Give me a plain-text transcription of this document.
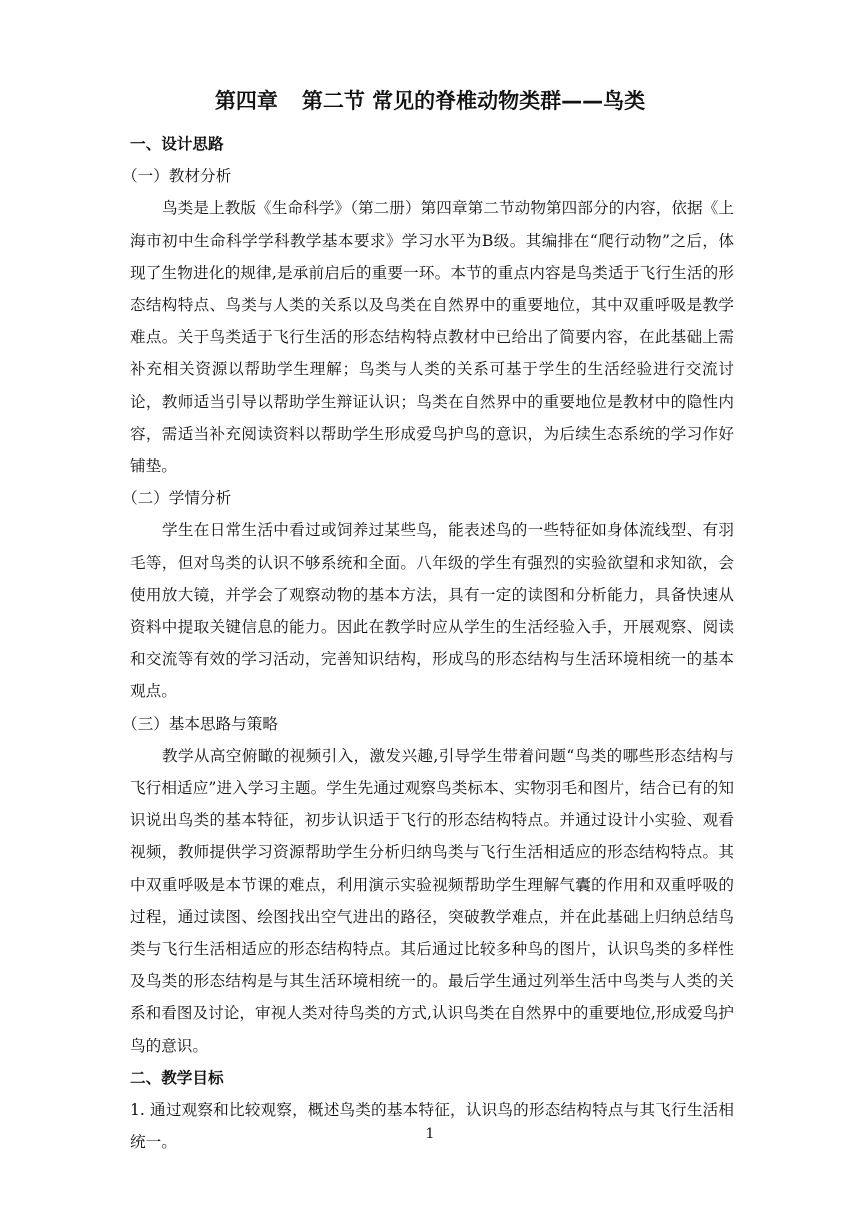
第四章 第二节 常见的脊椎动物类群——鸟类

一、设计思路

（一）教材分析

鸟类是上教版《生命科学》（第二册）第四章第二节动物第四部分的内容，依据《上海市初中生命科学学科教学基本要求》学习水平为B级。其编排在“爬行动物”之后，体现了生物进化的规律,是承前启后的重要一环。本节的重点内容是鸟类适于飞行生活的形态结构特点、鸟类与人类的关系以及鸟类在自然界中的重要地位，其中双重呼吸是教学难点。关于鸟类适于飞行生活的形态结构特点教材中已给出了简要内容，在此基础上需补充相关资源以帮助学生理解；鸟类与人类的关系可基于学生的生活经验进行交流讨论，教师适当引导以帮助学生辩证认识；鸟类在自然界中的重要地位是教材中的隐性内容，需适当补充阅读资料以帮助学生形成爱鸟护鸟的意识，为后续生态系统的学习作好铺垫。

（二）学情分析

学生在日常生活中看过或饲养过某些鸟，能表述鸟的一些特征如身体流线型、有羽毛等，但对鸟类的认识不够系统和全面。八年级的学生有强烈的实验欲望和求知欲，会使用放大镜，并学会了观察动物的基本方法，具有一定的读图和分析能力，具备快速从资料中提取关键信息的能力。因此在教学时应从学生的生活经验入手，开展观察、阅读和交流等有效的学习活动，完善知识结构，形成鸟的形态结构与生活环境相统一的基本观点。

（三）基本思路与策略

教学从高空俯瞰的视频引入，激发兴趣,引导学生带着问题“鸟类的哪些形态结构与飞行相适应”进入学习主题。学生先通过观察鸟类标本、实物羽毛和图片，结合已有的知识说出鸟类的基本特征，初步认识适于飞行的形态结构特点。并通过设计小实验、观看视频，教师提供学习资源帮助学生分析归纳鸟类与飞行生活相适应的形态结构特点。其中双重呼吸是本节课的难点，利用演示实验视频帮助学生理解气囊的作用和双重呼吸的过程，通过读图、绘图找出空气进出的路径，突破教学难点，并在此基础上归纳总结鸟类与飞行生活相适应的形态结构特点。其后通过比较多种鸟的图片，认识鸟类的多样性及鸟类的形态结构是与其生活环境相统一的。最后学生通过列举生活中鸟类与人类的关系和看图及讨论，审视人类对待鸟类的方式,认识鸟类在自然界中的重要地位,形成爱鸟护鸟的意识。

二、教学目标

1. 通过观察和比较观察，概述鸟类的基本特征，认识鸟的形态结构特点与其飞行生活相统一。	1
